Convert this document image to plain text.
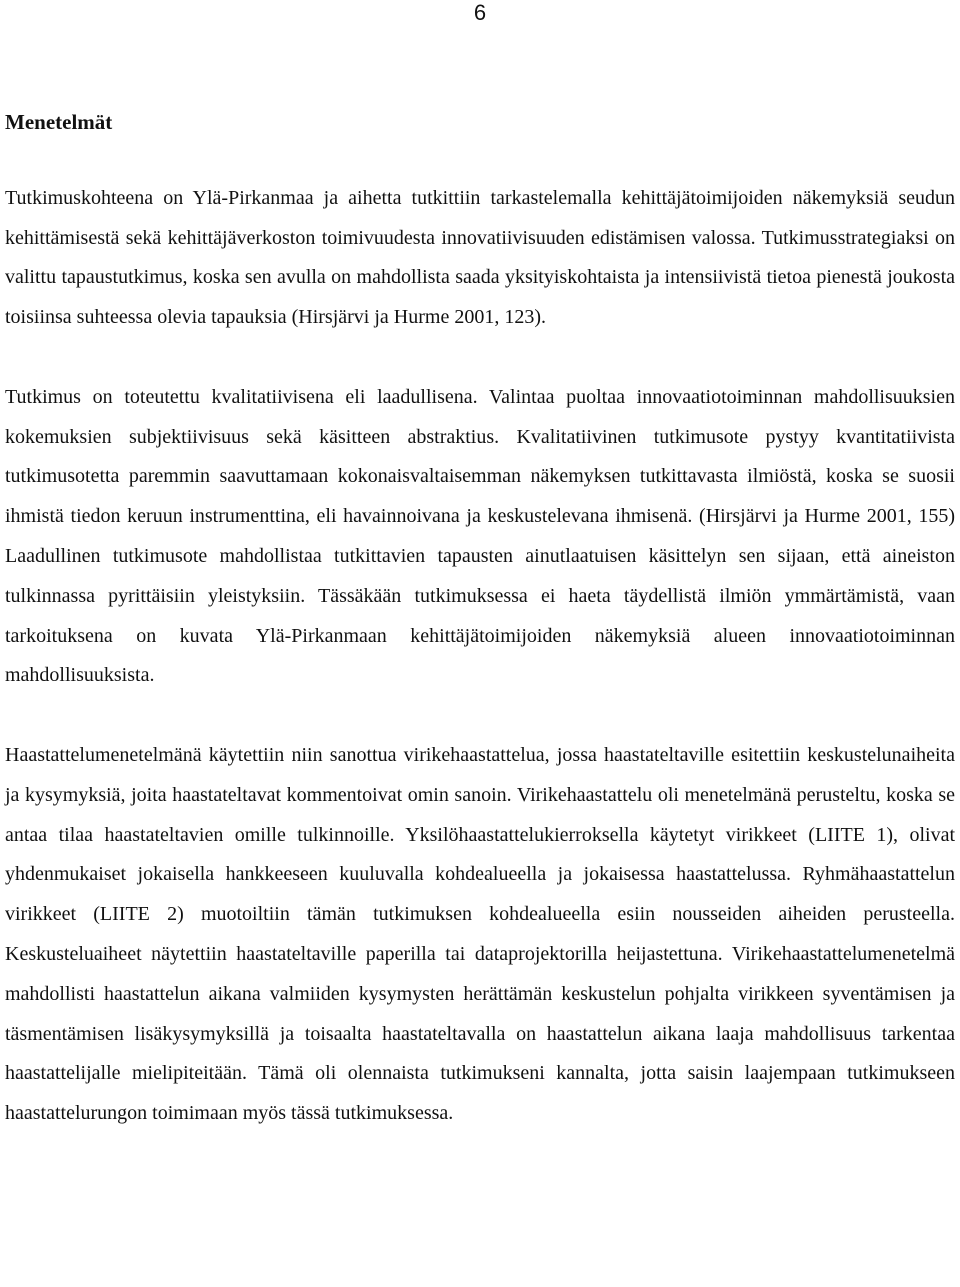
6
Menetelmät

Tutkimuskohteena on Ylä-Pirkanmaa ja aihetta tutkittiin tarkastelemalla kehittäjätoimijoiden näkemyksiä seudun kehittämisestä sekä kehittäjäverkoston toimivuudesta innovatiivisuuden edistämisen valossa. Tutkimusstrategiaksi on valittu tapaustutkimus, koska sen avulla on mahdollista saada yksityiskohtaista ja intensiivistä tietoa pienestä joukosta toisiinsa suhteessa olevia tapauksia (Hirsjärvi ja Hurme 2001, 123).

Tutkimus on toteutettu kvalitatiivisena eli laadullisena. Valintaa puoltaa innovaatiotoiminnan mahdollisuuksien kokemuksien subjektiivisuus sekä käsitteen abstraktius. Kvalitatiivinen tutkimusote pystyy kvantitatiivista tutkimusotetta paremmin saavuttamaan kokonaisvaltaisemman näkemyksen tutkittavasta ilmiöstä, koska se suosii ihmistä tiedon keruun instrumenttina, eli havainnoivana ja keskustelevana ihmisenä. (Hirsjärvi ja Hurme 2001, 155) Laadullinen tutkimusote mahdollistaa tutkittavien tapausten ainutlaatuisen käsittelyn sen sijaan, että aineiston tulkinnassa pyrittäisiin yleistyksiin. Tässäkään tutkimuksessa ei haeta täydellistä ilmiön ymmärtämistä, vaan tarkoituksena on kuvata Ylä-Pirkanmaan kehittäjätoimijoiden näkemyksiä alueen innovaatiotoiminnan mahdollisuuksista.

Haastattelumenetelmänä käytettiin niin sanottua virikehaastattelua, jossa haastateltaville esitettiin keskustelunaiheita ja kysymyksiä, joita haastateltavat kommentoivat omin sanoin. Virikehaastattelu oli menetelmänä perusteltu, koska se antaa tilaa haastateltavien omille tulkinnoille. Yksilöhaastattelukierroksella käytetyt virikkeet (LIITE 1), olivat yhdenmukaiset jokaisella hankkeeseen kuuluvalla kohdealueella ja jokaisessa haastattelussa. Ryhmähaastattelun virikkeet (LIITE 2) muotoiltiin tämän tutkimuksen kohdealueella esiin nousseiden aiheiden perusteella. Keskusteluaiheet näytettiin haastateltaville paperilla tai dataprojektorilla heijastettuna. Virikehaastattelumenetelmä mahdollisti haastattelun aikana valmiiden kysymysten herättämän keskustelun pohjalta virikkeen syventämisen ja täsmentämisen lisäkysymyksillä ja toisaalta haastateltavalla on haastattelun aikana laaja mahdollisuus tarkentaa haastattelijalle mielipiteitään. Tämä oli olennaista tutkimukseni kannalta, jotta saisin laajempaan tutkimukseen haastattelurungon toimimaan myös tässä tutkimuksessa.
